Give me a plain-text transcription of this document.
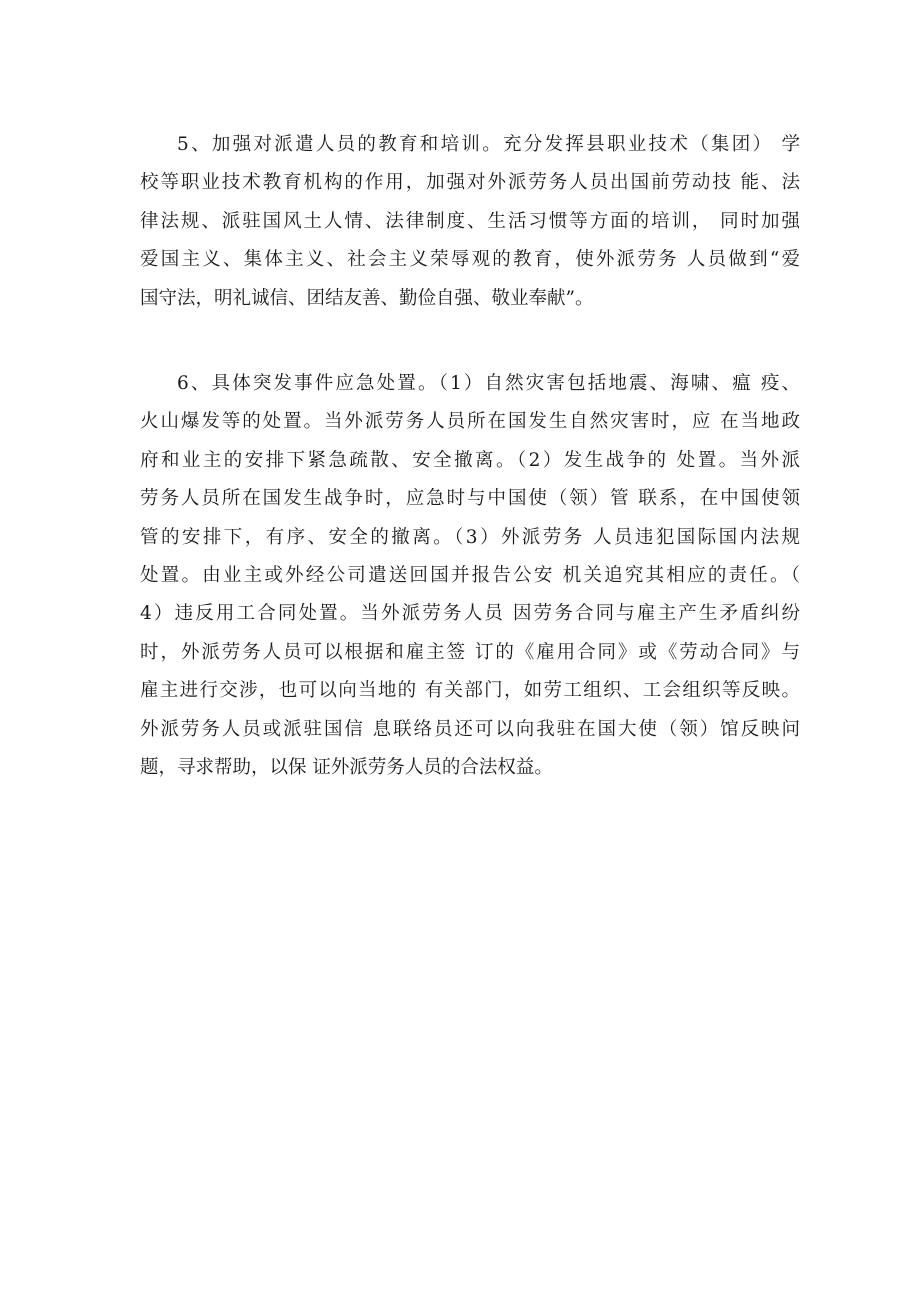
5、加强对派遣人员的教育和培训。充分发挥县职业技术（集团） 学
校等职业技术教育机构的作用，加强对外派劳务人员出国前劳动技 能、法
律法规、派驻国风土人情、法律制度、生活习惯等方面的培训， 同时加强
爱国主义、集体主义、社会主义荣辱观的教育，使外派劳务 人员做到“爱
国守法，明礼诚信、团结友善、勤俭自强、敬业奉献”。
6、具体突发事件应急处置。（1）自然灾害包括地震、海啸、瘟 疫、
火山爆发等的处置。当外派劳务人员所在国发生自然灾害时，应 在当地政
府和业主的安排下紧急疏散、安全撤离。（2）发生战争的 处置。当外派
劳务人员所在国发生战争时，应急时与中国使（领）管 联系，在中国使领
管的安排下，有序、安全的撤离。（3）外派劳务 人员违犯国际国内法规
处置。由业主或外经公司遣送回国并报告公安 机关追究其相应的责任。（
4）违反用工合同处置。当外派劳务人员 因劳务合同与雇主产生矛盾纠纷
时，外派劳务人员可以根据和雇主签 订的《雇用合同》或《劳动合同》与
雇主进行交涉，也可以向当地的 有关部门，如劳工组织、工会组织等反映。
外派劳务人员或派驻国信 息联络员还可以向我驻在国大使（领）馆反映问
题，寻求帮助，以保 证外派劳务人员的合法权益。
